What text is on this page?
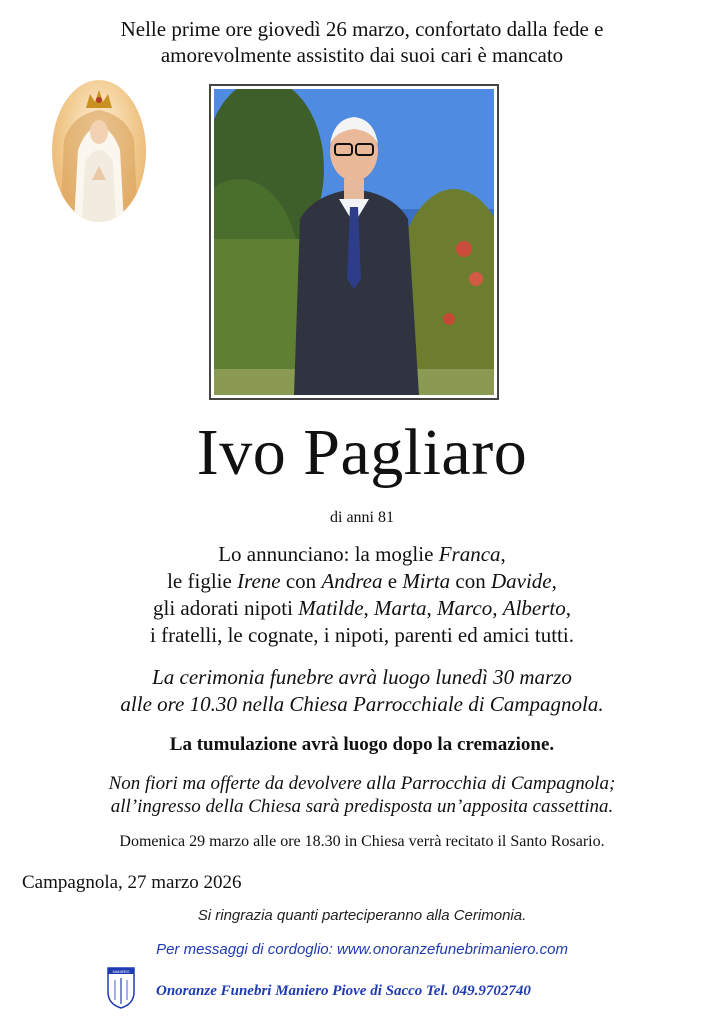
Nelle prime ore giovedì 26 marzo, confortato dalla fede e
amorevolmente assistito dai suoi cari è mancato
Ivo Pagliaro
di anni 81
Lo annunciano: la moglie Franca,
le figlie Irene con Andrea e Mirta con Davide,
gli adorati nipoti Matilde, Marta, Marco, Alberto,
i fratelli, le cognate, i nipoti, parenti ed amici tutti.
La cerimonia funebre avrà luogo lunedì 30 marzo
alle ore 10.30 nella Chiesa Parrocchiale di Campagnola.
La tumulazione avrà luogo dopo la cremazione.
Non fiori ma offerte da devolvere alla Parrocchia di Campagnola;
all’ingresso della Chiesa sarà predisposta un’apposita cassettina.
Domenica 29 marzo alle ore 18.30 in Chiesa verrà recitato il Santo Rosario.
Campagnola, 27 marzo 2026
Si ringrazia quanti parteciperanno alla Cerimonia.
Per messaggi di cordoglio: www.onoranzefunebrimaniero.com
MANIERO
Onoranze Funebri Maniero Piove di Sacco Tel. 049.9702740
